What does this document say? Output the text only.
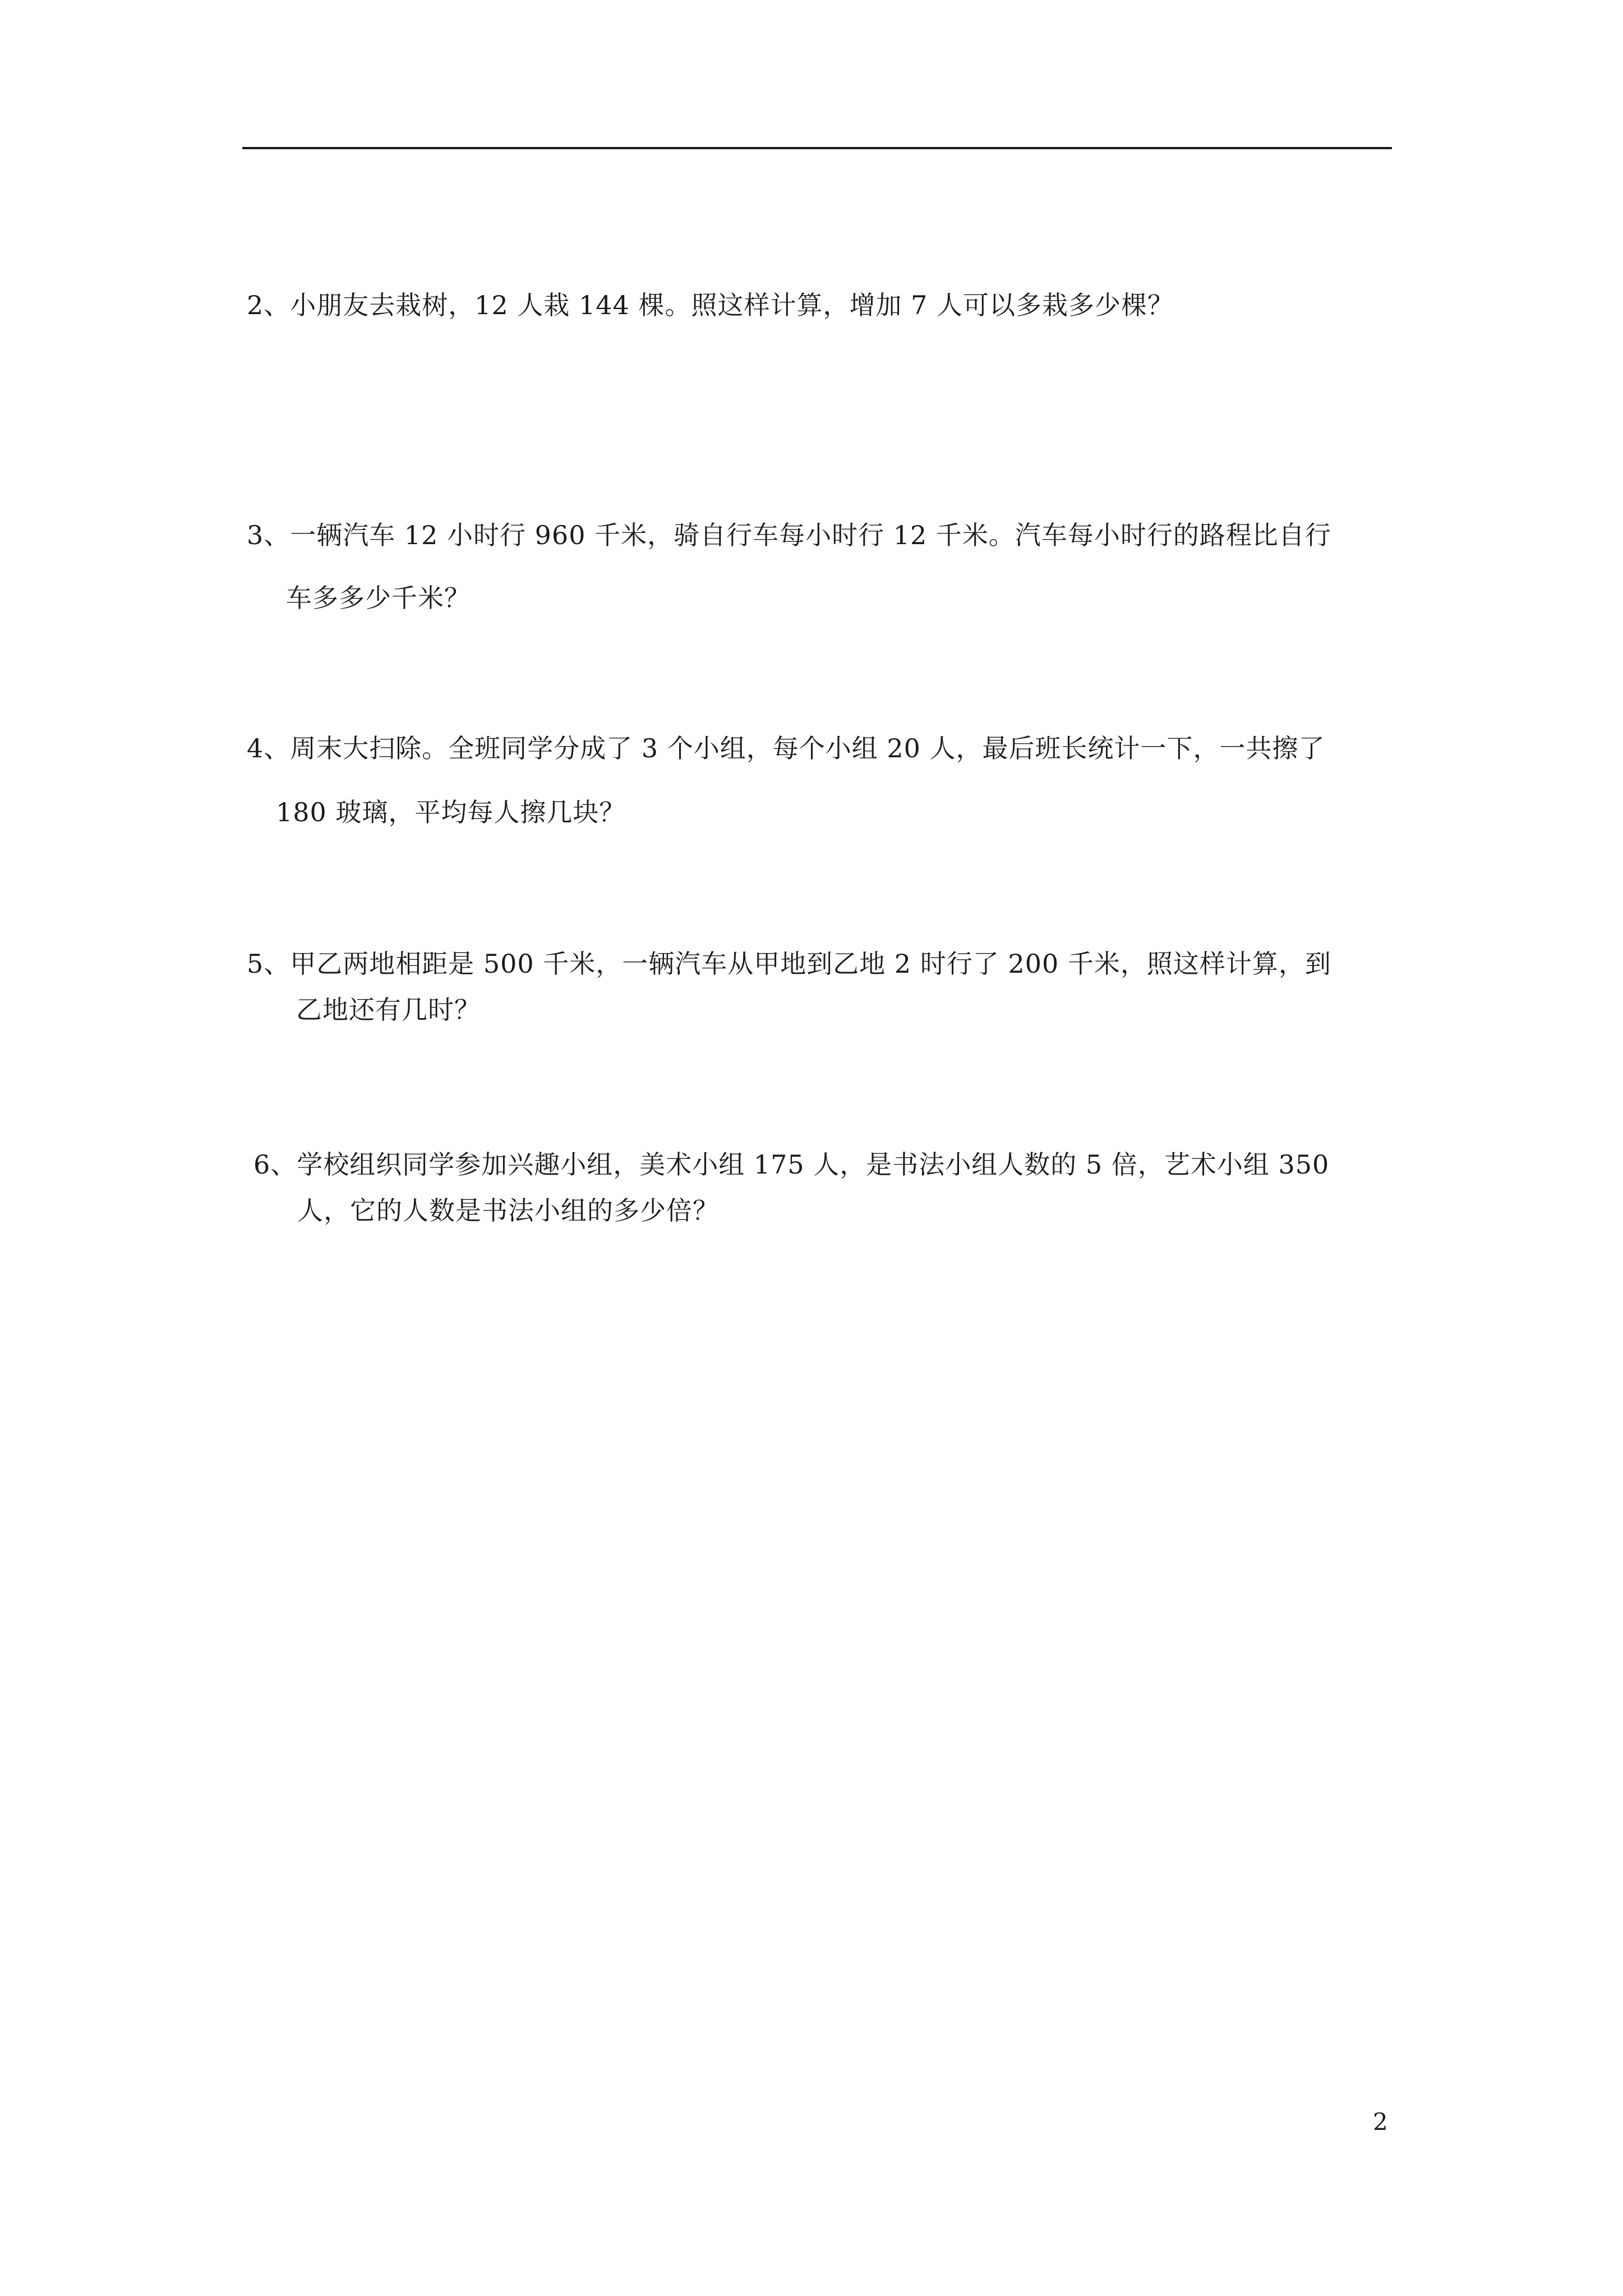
2、小朋友去栽树，12 人栽 144 棵。照这样计算，增加 7 人可以多栽多少棵？
3、一辆汽车 12 小时行 960 千米，骑自行车每小时行 12 千米。汽车每小时行的路程比自行
车多多少千米？
4、周末大扫除。全班同学分成了 3 个小组，每个小组 20 人，最后班长统计一下，一共擦了
180 玻璃，平均每人擦几块？
5、甲乙两地相距是 500 千米，一辆汽车从甲地到乙地 2 时行了 200 千米，照这样计算，到
乙地还有几时？
6、学校组织同学参加兴趣小组，美术小组 175 人，是书法小组人数的 5 倍，艺术小组 350
人，它的人数是书法小组的多少倍？
2
